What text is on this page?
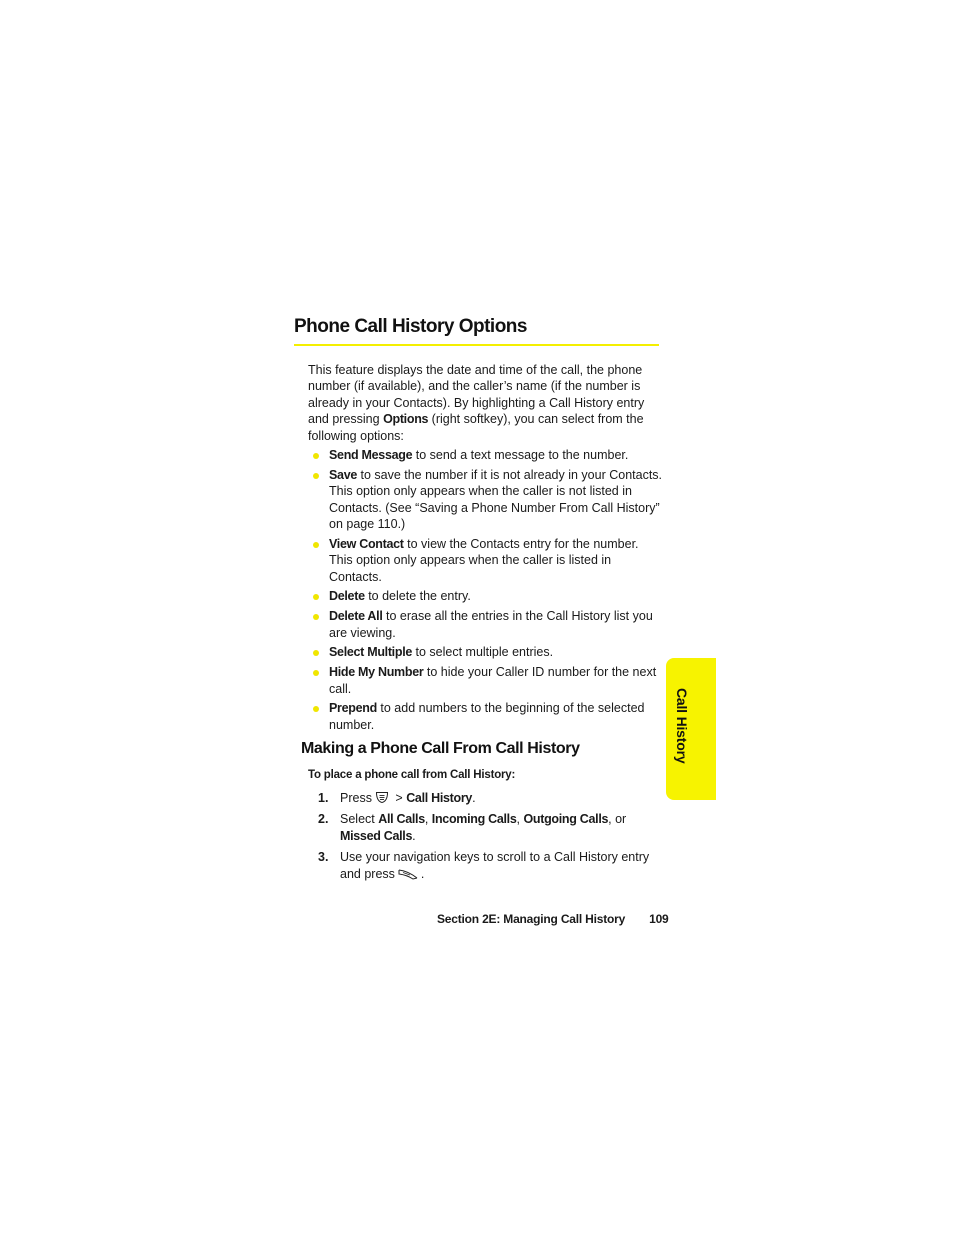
Phone Call History Options

This feature displays the date and time of the call, the phone number (if available), and the caller’s name (if the number is already in your Contacts). By highlighting a Call History entry and pressing Options (right softkey), you can select from the following options:

Send Message to send a text message to the number.
Save to save the number if it is not already in your Contacts. This option only appears when the caller is not listed in Contacts. (See “Saving a Phone Number From Call History” on page 110.)
View Contact to view the Contacts entry for the number. This option only appears when the caller is listed in Contacts.
Delete to delete the entry.
Delete All to erase all the entries in the Call History list you are viewing.
Select Multiple to select multiple entries.
Hide My Number to hide your Caller ID number for the next call.
Prepend to add numbers to the beginning of the selected number.
Making a Phone Call From Call History

To place a phone call from Call History:

1. Press > Call History.
2. Select All Calls, Incoming Calls, Outgoing Calls, or
Missed Calls.
3. Use your navigation keys to scroll to a Call History entry and press .
Section 2E: Managing Call History 109
Call History
